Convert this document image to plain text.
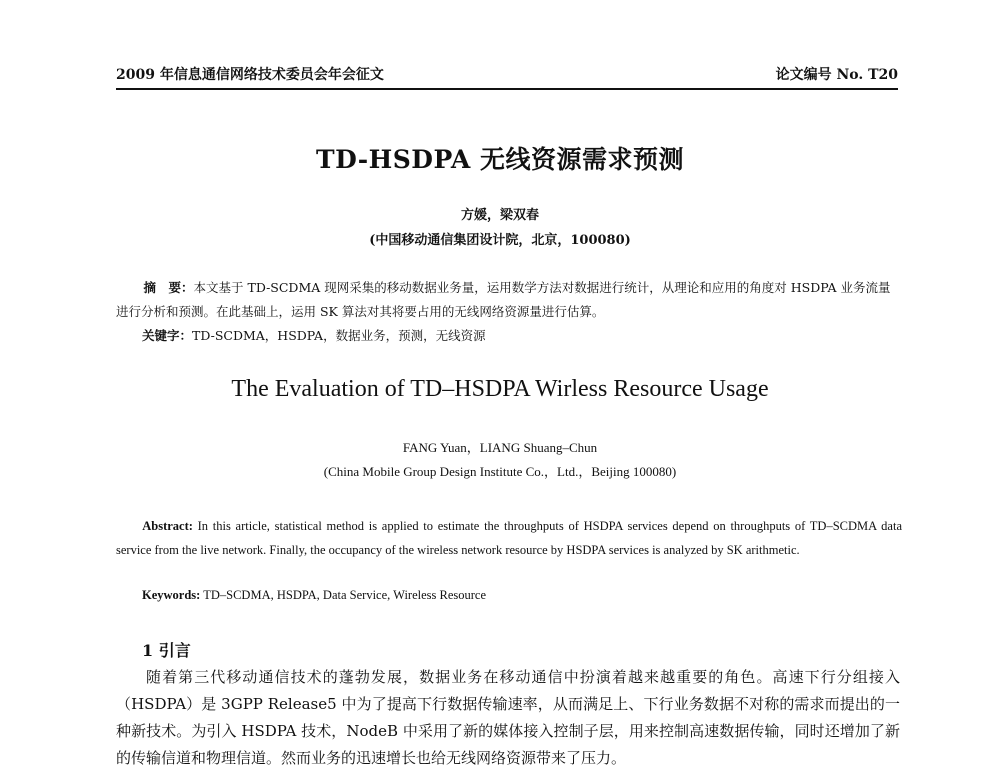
2009 年信息通信网络技术委员会年会征文	论文编号 No. T20
TD-HSDPA 无线资源需求预测
方媛，梁双春
(中国移动通信集团设计院，北京，100080)

摘　要：本文基于 TD-SCDMA 现网采集的移动数据业务量，运用数学方法对数据进行统计，从理论和应用的角度对 HSDPA 业务流量进行分析和预测。在此基础上，运用 SK 算法对其将要占用的无线网络资源量进行估算。

关键字：TD-SCDMA，HSDPA，数据业务，预测，无线资源
The Evaluation of TD–HSDPA Wirless Resource Usage
FANG Yuan，LIANG Shuang–Chun
(China Mobile Group Design Institute Co.，Ltd.，Beijing 100080)

Abstract: In this article, statistical method is applied to estimate the throughputs of HSDPA services depend on throughputs of TD–SCDMA data service from the live network. Finally, the occupancy of the wireless network resource by HSDPA services is analyzed by SK arithmetic.

Keywords: TD–SCDMA, HSDPA, Data Service, Wireless Resource
1 引言

随着第三代移动通信技术的蓬勃发展，数据业务在移动通信中扮演着越来越重要的角色。高速下行分组接入（HSDPA）是 3GPP Release5 中为了提高下行数据传输速率，从而满足上、下行业务数据不对称的需求而提出的一种新技术。为引入 HSDPA 技术，NodeB 中采用了新的媒体接入控制子层，用来控制高速数据传输，同时还增加了新的传输信道和物理信道。然而业务的迅速增长也给无线网络资源带来了压力。
